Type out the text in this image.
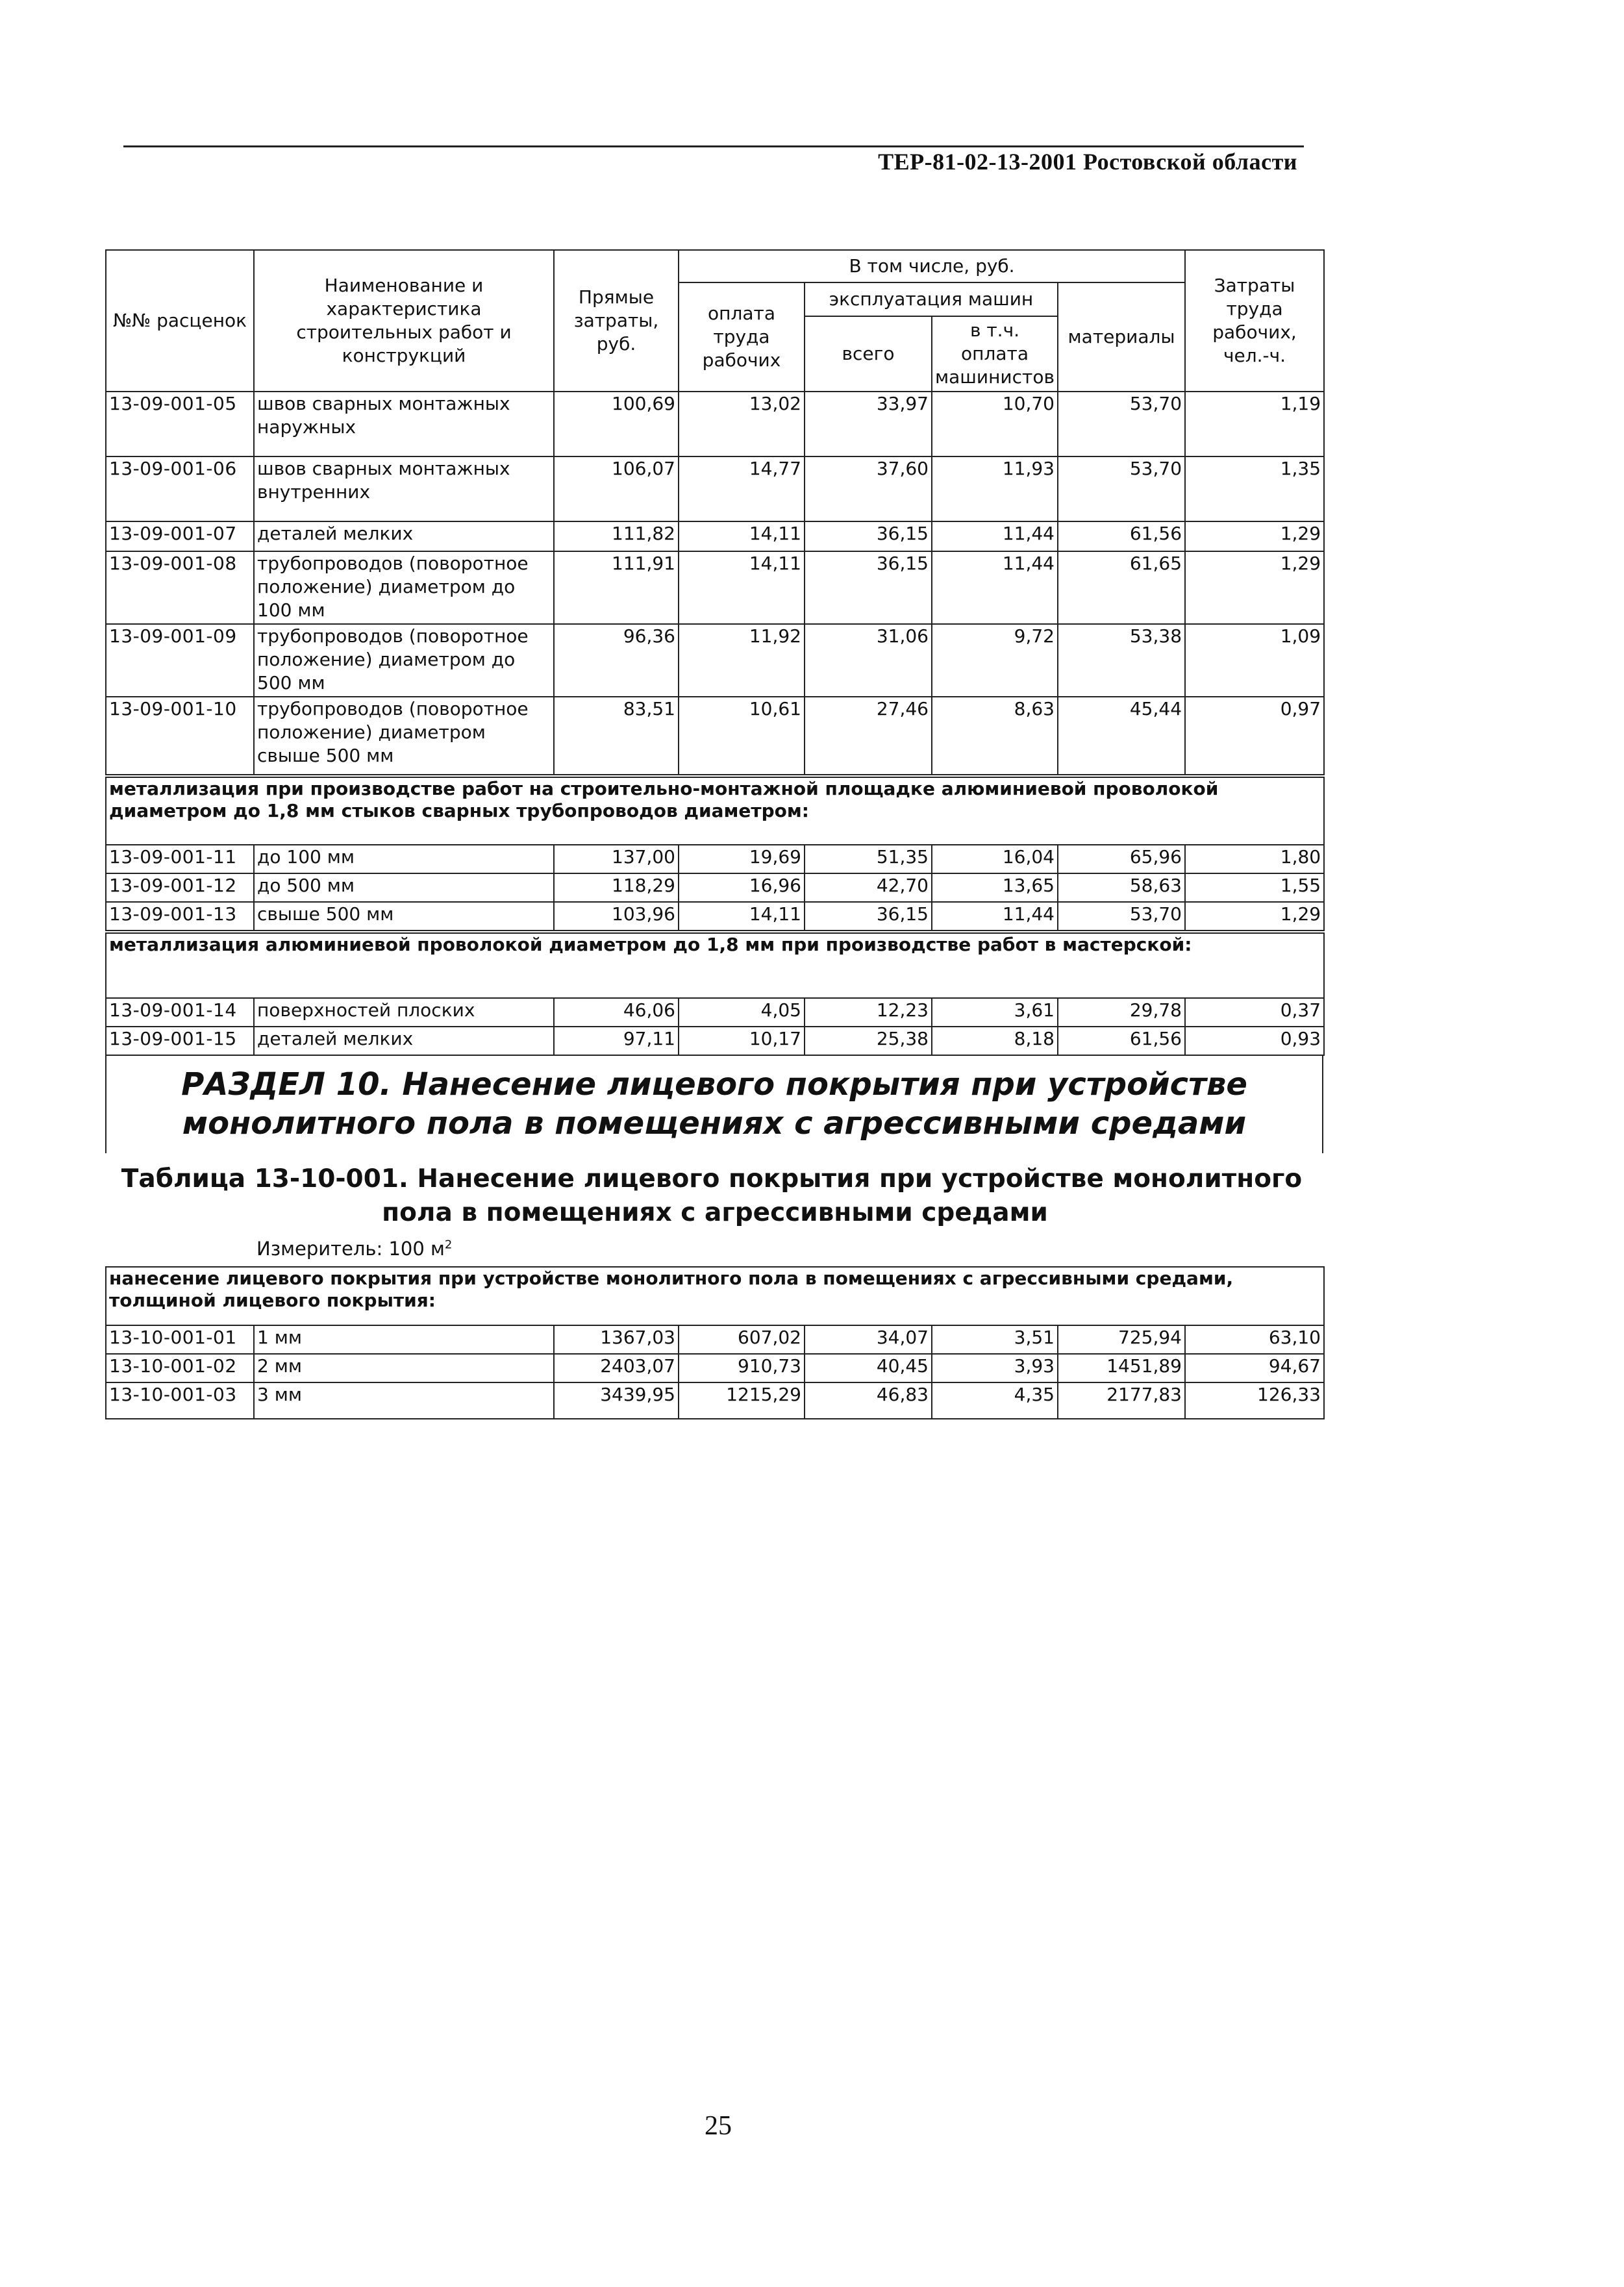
ТЕР-81-02-13-2001 Ростовской области
№№ расценок	Наименование и характеристика строительных работ и конструкций	Прямые затраты, руб.	В том числе, руб.				Затраты труда рабочих, чел.-ч.
			оплата труда рабочих	эксплуатация машин		материалы	
				всего	в т.ч. оплата машинистов		
13-09-001-05	швов сварных монтажных наружных	100,69	13,02	33,97	10,70	53,70	1,19
13-09-001-06	швов сварных монтажных внутренних	106,07	14,77	37,60	11,93	53,70	1,35
13-09-001-07	деталей мелких	111,82	14,11	36,15	11,44	61,56	1,29
13-09-001-08	трубопроводов (поворотное положение) диаметром до 100 мм	111,91	14,11	36,15	11,44	61,65	1,29
13-09-001-09	трубопроводов (поворотное положение) диаметром до 500 мм	96,36	11,92	31,06	9,72	53,38	1,09
13-09-001-10	трубопроводов (поворотное положение) диаметром свыше 500 мм	83,51	10,61	27,46	8,63	45,44	0,97
металлизация при производстве работ на строительно-монтажной площадке алюминиевой проволокой диаметром до 1,8 мм стыков сварных трубопроводов диаметром:							
13-09-001-11	до 100 мм	137,00	19,69	51,35	16,04	65,96	1,80
13-09-001-12	до 500 мм	118,29	16,96	42,70	13,65	58,63	1,55
13-09-001-13	свыше 500 мм	103,96	14,11	36,15	11,44	53,70	1,29
металлизация алюминиевой проволокой диаметром до 1,8 мм при производстве работ в мастерской:							
13-09-001-14	поверхностей плоских	46,06	4,05	12,23	3,61	29,78	0,37
13-09-001-15	деталей мелких	97,11	10,17	25,38	8,18	61,56	0,93
РАЗДЕЛ 10. Нанесение лицевого покрытия при устройстве монолитного пола в помещениях с агрессивными средами
Таблица 13-10-001. Нанесение лицевого покрытия при устройстве монолитного пола в помещениях с агрессивными средами
Измеритель: 100 $м^2$
нанесение лицевого покрытия при устройстве монолитного пола в помещениях с агрессивными средами, толщиной лицевого покрытия:							
13-10-001-01	1 мм	1367,03	607,02	34,07	3,51	725,94	63,10
13-10-001-02	2 мм	2403,07	910,73	40,45	3,93	1451,89	94,67
13-10-001-03	3 мм	3439,95	1215,29	46,83	4,35	2177,83	126,33
25
